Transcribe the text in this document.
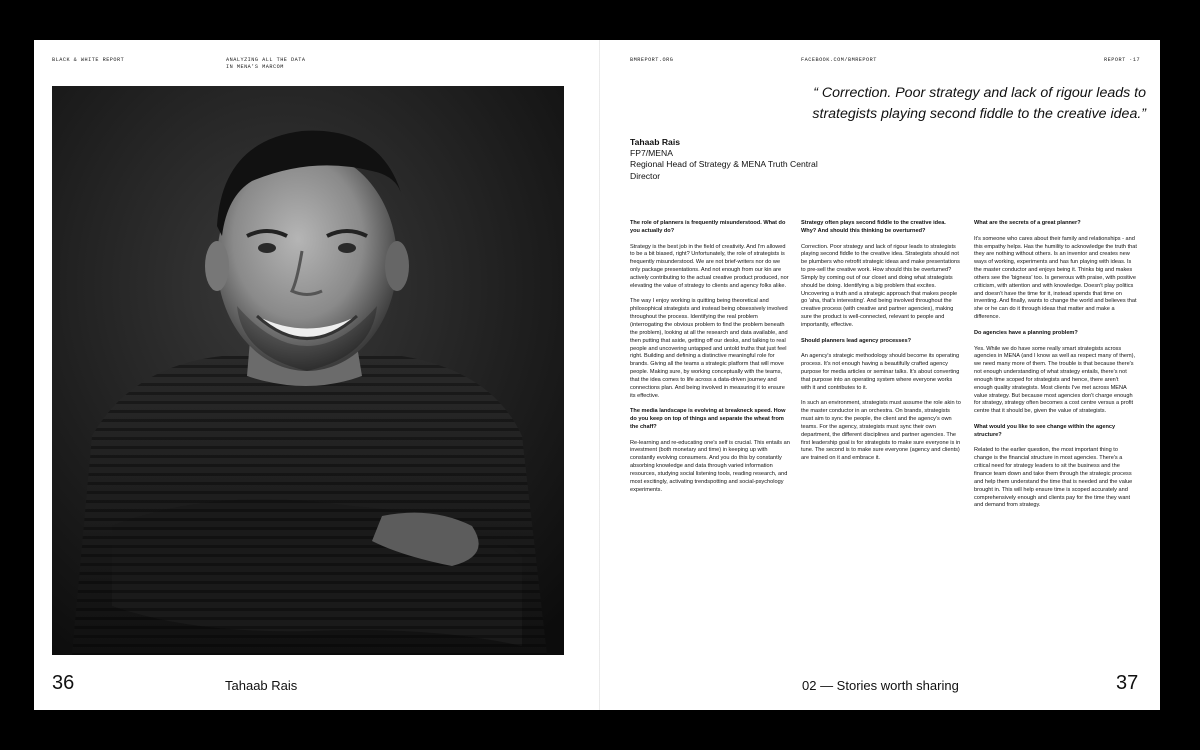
BLACK & WHITE REPORT	ANALYZING ALL THE DATA
IN MENA'S MARCOM
36	Tahaab Rais
BMREPORT.ORG	FACEBOOK.COM/BMREPORT	REPORT ·17
“ Correction. Poor strategy and lack of rigour leads to strategists playing second fiddle to the creative idea.”
Tahaab Rais
FP7/MENA
Regional Head of Strategy & MENA Truth Central Director
The role of planners is frequently misunderstood. What do you actually do?

Strategy is the best job in the field of creativity. And I'm allowed to be a bit biased, right? Unfortunately, the role of strategists is frequently misunderstood. We are not brief-writers nor do we only package presentations. And not enough from our kin are actively contributing to the actual creative product produced, nor elevating the value of strategy to clients and agency folks alike.

The way I enjoy working is quitting being theoretical and philosophical strategists and instead being obsessively involved throughout the process. Identifying the real problem (interrogating the obvious problem to find the problem beneath the problem), looking at all the research and data available, and then putting that aside, getting off our desks, and talking to real people and uncovering untapped and untold truths that just feel right. Building and defining a distinctive meaningful role for brands. Giving all the teams a strategic platform that will move people. Making sure, by working conceptually with the teams, that the idea comes to life across a data-driven journey and connections plan. And being involved in measuring it to ensure its effective.

The media landscape is evolving at breakneck speed. How do you keep on top of things and separate the wheat from the chaff?

Re-learning and re-educating one's self is crucial. This entails an investment (both monetary and time) in keeping up with constantly evolving consumers. And you do this by constantly absorbing knowledge and data through varied information resources, studying social listening tools, reading research, and most excitingly, activating trendspotting and social-psychology experiments.

Strategy often plays second fiddle to the creative idea. Why? And should this thinking be overturned?

Correction. Poor strategy and lack of rigour leads to strategists playing second fiddle to the creative idea. Strategists should not be plumbers who retrofit strategic ideas and make presentations to pre-sell the creative work. How should this be overturned? Simply by coming out of our closet and doing what strategists should be doing. Identifying a big problem that excites. Uncovering a truth and a strategic approach that makes people go 'aha, that's interesting'. And being involved throughout the creative process (with creative and partner agencies), making sure the product is well-connected, relevant to people and importantly, effective.

Should planners lead agency processes?

An agency's strategic methodology should become its operating process. It's not enough having a beautifully crafted agency purpose for media articles or seminar talks. It's about converting that purpose into an operating system where everyone works with it and contributes to it.

In such an environment, strategists must assume the role akin to the master conductor in an orchestra. On brands, strategists must aim to sync the people, the client and the agency's own teams. For the agency, strategists must sync their own department, the different disciplines and partner agencies. The first leadership goal is for strategists to make sure everyone is in tune. The second is to make sure everyone (agency and clients) are trained on it and embrace it.

What are the secrets of a great planner?

It's someone who cares about their family and relationships - and this empathy helps. Has the humility to acknowledge the truth that they are nothing without others. Is an inventor and creates new ways of working, experiments and has fun playing with ideas. Is the master conductor and enjoys being it. Thinks big and makes others see the 'bigness' too. Is generous with praise, with positive criticism, with attention and with knowledge. Doesn't play politics and doesn't have the time for it, instead spends that time on inventing. And finally, wants to change the world and believes that she or he can do it through ideas that matter and make a difference.

Do agencies have a planning problem?

Yes. While we do have some really smart strategists across agencies in MENA (and I know as well as respect many of them), we need many more of them. The trouble is that because there's not enough understanding of what strategy entails, there's not enough time scoped for strategists and hence, there aren't enough quality strategists. Most clients I've met across MENA value strategy. But because most agencies don't charge enough for strategy, strategy often becomes a cost centre versus a profit centre that it should be, given the value of strategists.

What would you like to see change within the agency structure?

Related to the earlier question, the most important thing to change is the financial structure in most agencies. There's a critical need for strategy leaders to sit the business and the finance team down and take them through the strategic process and help them understand the time that is needed and the value brought in. This will help ensure time is scoped accurately and comprehensively enough and clients pay for the time they want and demand from strategy.

02 — Stories worth sharing	37
